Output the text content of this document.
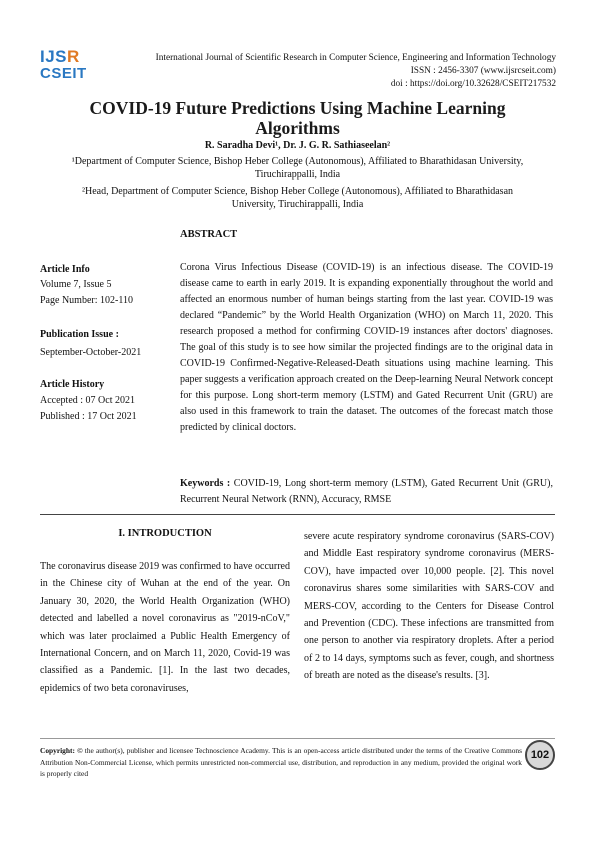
IJSR
CSEIT
International Journal of Scientific Research in Computer Science, Engineering and Information Technology
ISSN : 2456-3307 (www.ijsrcseit.com)
doi : https://doi.org/10.32628/CSEIT217532
COVID-19 Future Predictions Using Machine Learning
Algorithms
R. Saradha Devi¹, Dr. J. G. R. Sathiaseelan²
¹Department of Computer Science, Bishop Heber College (Autonomous), Affiliated to Bharathidasan University,
Tiruchirappalli, India
²Head, Department of Computer Science, Bishop Heber College (Autonomous), Affiliated to Bharathidasan
University, Tiruchirappalli, India
ABSTRACT
Article Info
Volume 7, Issue 5
Page Number: 102-110
Publication Issue :
September-October-2021
Article History
Accepted : 07 Oct 2021
Published : 17 Oct 2021
Corona Virus Infectious Disease (COVID-19) is an infectious disease. The COVID-19 disease came to earth in early 2019. It is expanding exponentially throughout the world and affected an enormous number of human beings starting from the last year. COVID-19 was declared “Pandemic” by the World Health Organization (WHO) on March 11, 2020. This research proposed a method for confirming COVID-19 instances after doctors' diagnoses. The goal of this study is to see how similar the projected findings are to the original data in COVID-19 Confirmed-Negative-Released-Death situations using machine learning. This paper suggests a verification approach created on the Deep-learning Neural Network concept for this purpose. Long short-term memory (LSTM) and Gated Recurrent Unit (GRU) are also used in this framework to train the dataset. The outcomes of the forecast match those predicted by clinical doctors.
Keywords : COVID-19, Long short-term memory (LSTM), Gated Recurrent Unit (GRU), Recurrent Neural Network (RNN), Accuracy, RMSE
I. INTRODUCTION
The coronavirus disease 2019 was confirmed to have occurred in the Chinese city of Wuhan at the end of the year. On January 30, 2020, the World Health Organization (WHO) detected and labelled a novel coronavirus as "2019-nCoV," which was later proclaimed a Public Health Emergency of International Concern, and on March 11, 2020, Covid-19 was classified as a Pandemic. [1]. In the last two decades, epidemics of two beta coronaviruses,
severe acute respiratory syndrome coronavirus (SARS-COV) and Middle East respiratory syndrome coronavirus (MERS-COV), have impacted over 10,000 people. [2]. This novel coronavirus shares some similarities with SARS-COV and MERS-COV, according to the Centers for Disease Control and Prevention (CDC). These infections are transmitted from one person to another via respiratory droplets. After a period of 2 to 14 days, symptoms such as fever, cough, and shortness of breath are noted as the disease's results. [3].
Copyright: © the author(s), publisher and licensee Technoscience Academy. This is an open-access article distributed under the terms of the Creative Commons Attribution Non-Commercial License, which permits unrestricted non-commercial use, distribution, and reproduction in any medium, provided the original work is properly cited
102
